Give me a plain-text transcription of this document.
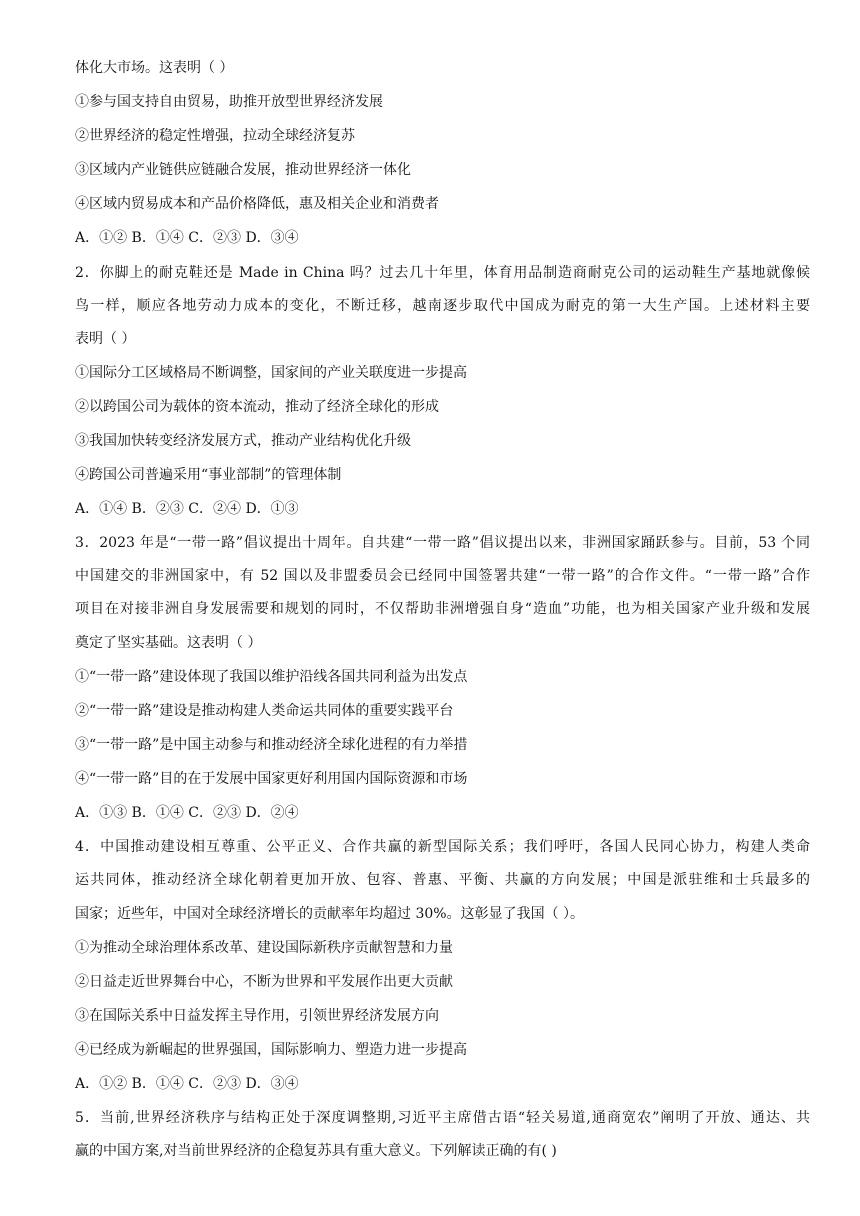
体化大市场。这表明（ ）
①参与国支持自由贸易，助推开放型世界经济发展
②世界经济的稳定性增强，拉动全球经济复苏
③区域内产业链供应链融合发展，推动世界经济一体化
④区域内贸易成本和产品价格降低，惠及相关企业和消费者
A．①② B．①④ C．②③ D．③④
2．你脚上的耐克鞋还是 Made in China 吗？过去几十年里，体育用品制造商耐克公司的运动鞋生产基地就像候
鸟一样，顺应各地劳动力成本的变化，不断迁移，越南逐步取代中国成为耐克的第一大生产国。上述材料主要
表明（ ）
①国际分工区域格局不断调整，国家间的产业关联度进一步提高
②以跨国公司为载体的资本流动，推动了经济全球化的形成
③我国加快转变经济发展方式，推动产业结构优化升级
④跨国公司普遍采用“事业部制”的管理体制
A．①④ B．②③ C．②④ D．①③
3．2023 年是“一带一路”倡议提出十周年。自共建“一带一路”倡议提出以来，非洲国家踊跃参与。目前，53 个同
中国建交的非洲国家中，有 52 国以及非盟委员会已经同中国签署共建“一带一路”的合作文件。“一带一路”合作
项目在对接非洲自身发展需要和规划的同时，不仅帮助非洲增强自身“造血”功能，也为相关国家产业升级和发展
奠定了坚实基础。这表明（ ）
①“一带一路”建设体现了我国以维护沿线各国共同利益为出发点
②“一带一路”建设是推动构建人类命运共同体的重要实践平台
③“一带一路”是中国主动参与和推动经济全球化进程的有力举措
④“一带一路”目的在于发展中国家更好利用国内国际资源和市场
A．①③ B．①④ C．②③ D．②④
4．中国推动建设相互尊重、公平正义、合作共赢的新型国际关系；我们呼吁，各国人民同心协力，构建人类命
运共同体，推动经济全球化朝着更加开放、包容、普惠、平衡、共赢的方向发展；中国是派驻维和士兵最多的
国家；近些年，中国对全球经济增长的贡献率年均超过 30%。这彰显了我国（ ）。
①为推动全球治理体系改革、建设国际新秩序贡献智慧和力量
②日益走近世界舞台中心，不断为世界和平发展作出更大贡献
③在国际关系中日益发挥主导作用，引领世界经济发展方向
④已经成为新崛起的世界强国，国际影响力、塑造力进一步提高
A．①② B．①④ C．②③ D．③④
5．当前,世界经济秩序与结构正处于深度调整期,习近平主席借古语“轻关易道,通商宽农”阐明了开放、通达、共
赢的中国方案,对当前世界经济的企稳复苏具有重大意义。下列解读正确的有( )
